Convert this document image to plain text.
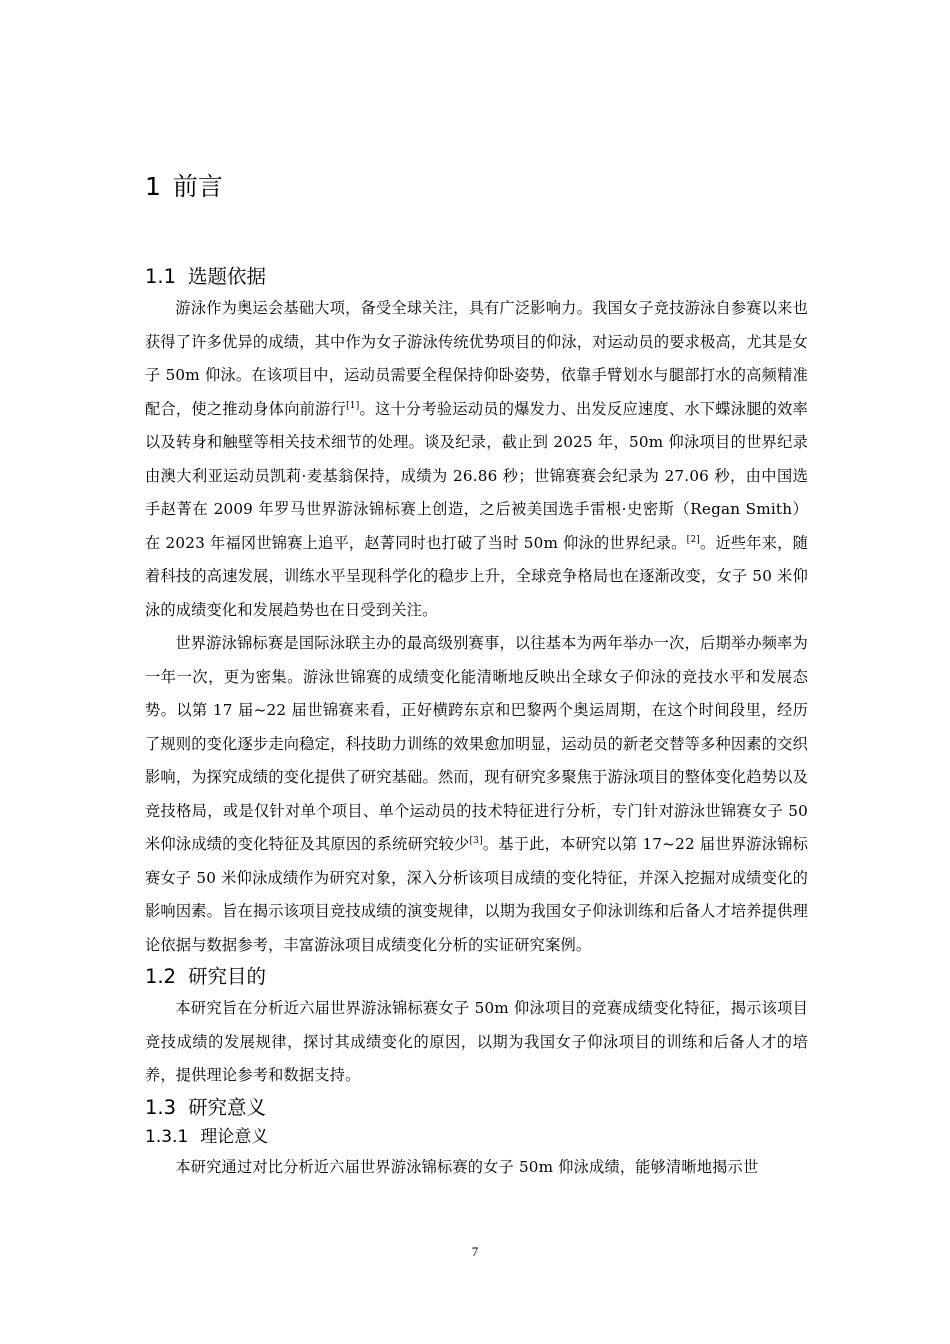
1 前言
1.1 选题依据

游泳作为奥运会基础大项，备受全球关注，具有广泛影响力。我国女子竞技游泳自参赛以来也获得了许多优异的成绩，其中作为女子游泳传统优势项目的仰泳，对运动员的要求极高，尤其是女子 50m 仰泳。在该项目中，运动员需要全程保持仰卧姿势，依靠手臂划水与腿部打水的高频精准配合，使之推动身体向前游行[1]。这十分考验运动员的爆发力、出发反应速度、水下蝶泳腿的效率以及转身和触壁等相关技术细节的处理。谈及纪录，截止到 2025 年，50m 仰泳项目的世界纪录由澳大利亚运动员凯莉·麦基翁保持，成绩为 26.86 秒；世锦赛赛会纪录为 27.06 秒，由中国选手赵菁在 2009 年罗马世界游泳锦标赛上创造，之后被美国选手雷根·史密斯（Regan Smith）在 2023 年福冈世锦赛上追平，赵菁同时也打破了当时 50m 仰泳的世界纪录。[2]。近些年来，随着科技的高速发展，训练水平呈现科学化的稳步上升，全球竞争格局也在逐渐改变，女子 50 米仰泳的成绩变化和发展趋势也在日受到关注。

世界游泳锦标赛是国际泳联主办的最高级别赛事，以往基本为两年举办一次，后期举办频率为一年一次，更为密集。游泳世锦赛的成绩变化能清晰地反映出全球女子仰泳的竞技水平和发展态势。以第 17 届~22 届世锦赛来看，正好横跨东京和巴黎两个奥运周期，在这个时间段里，经历了规则的变化逐步走向稳定，科技助力训练的效果愈加明显，运动员的新老交替等多种因素的交织影响，为探究成绩的变化提供了研究基础。然而，现有研究多聚焦于游泳项目的整体变化趋势以及竞技格局，或是仅针对单个项目、单个运动员的技术特征进行分析，专门针对游泳世锦赛女子 50 米仰泳成绩的变化特征及其原因的系统研究较少[3]。基于此，本研究以第 17~22 届世界游泳锦标赛女子 50 米仰泳成绩作为研究对象，深入分析该项目成绩的变化特征，并深入挖掘对成绩变化的影响因素。旨在揭示该项目竞技成绩的演变规律，以期为我国女子仰泳训练和后备人才培养提供理论依据与数据参考，丰富游泳项目成绩变化分析的实证研究案例。

1.2 研究目的

本研究旨在分析近六届世界游泳锦标赛女子 50m 仰泳项目的竞赛成绩变化特征，揭示该项目竞技成绩的发展规律，探讨其成绩变化的原因，以期为我国女子仰泳项目的训练和后备人才的培养，提供理论参考和数据支持。

1.3 研究意义
1.3.1 理论意义

本研究通过对比分析近六届世界游泳锦标赛的女子 50m 仰泳成绩，能够清晰地揭示世

7
